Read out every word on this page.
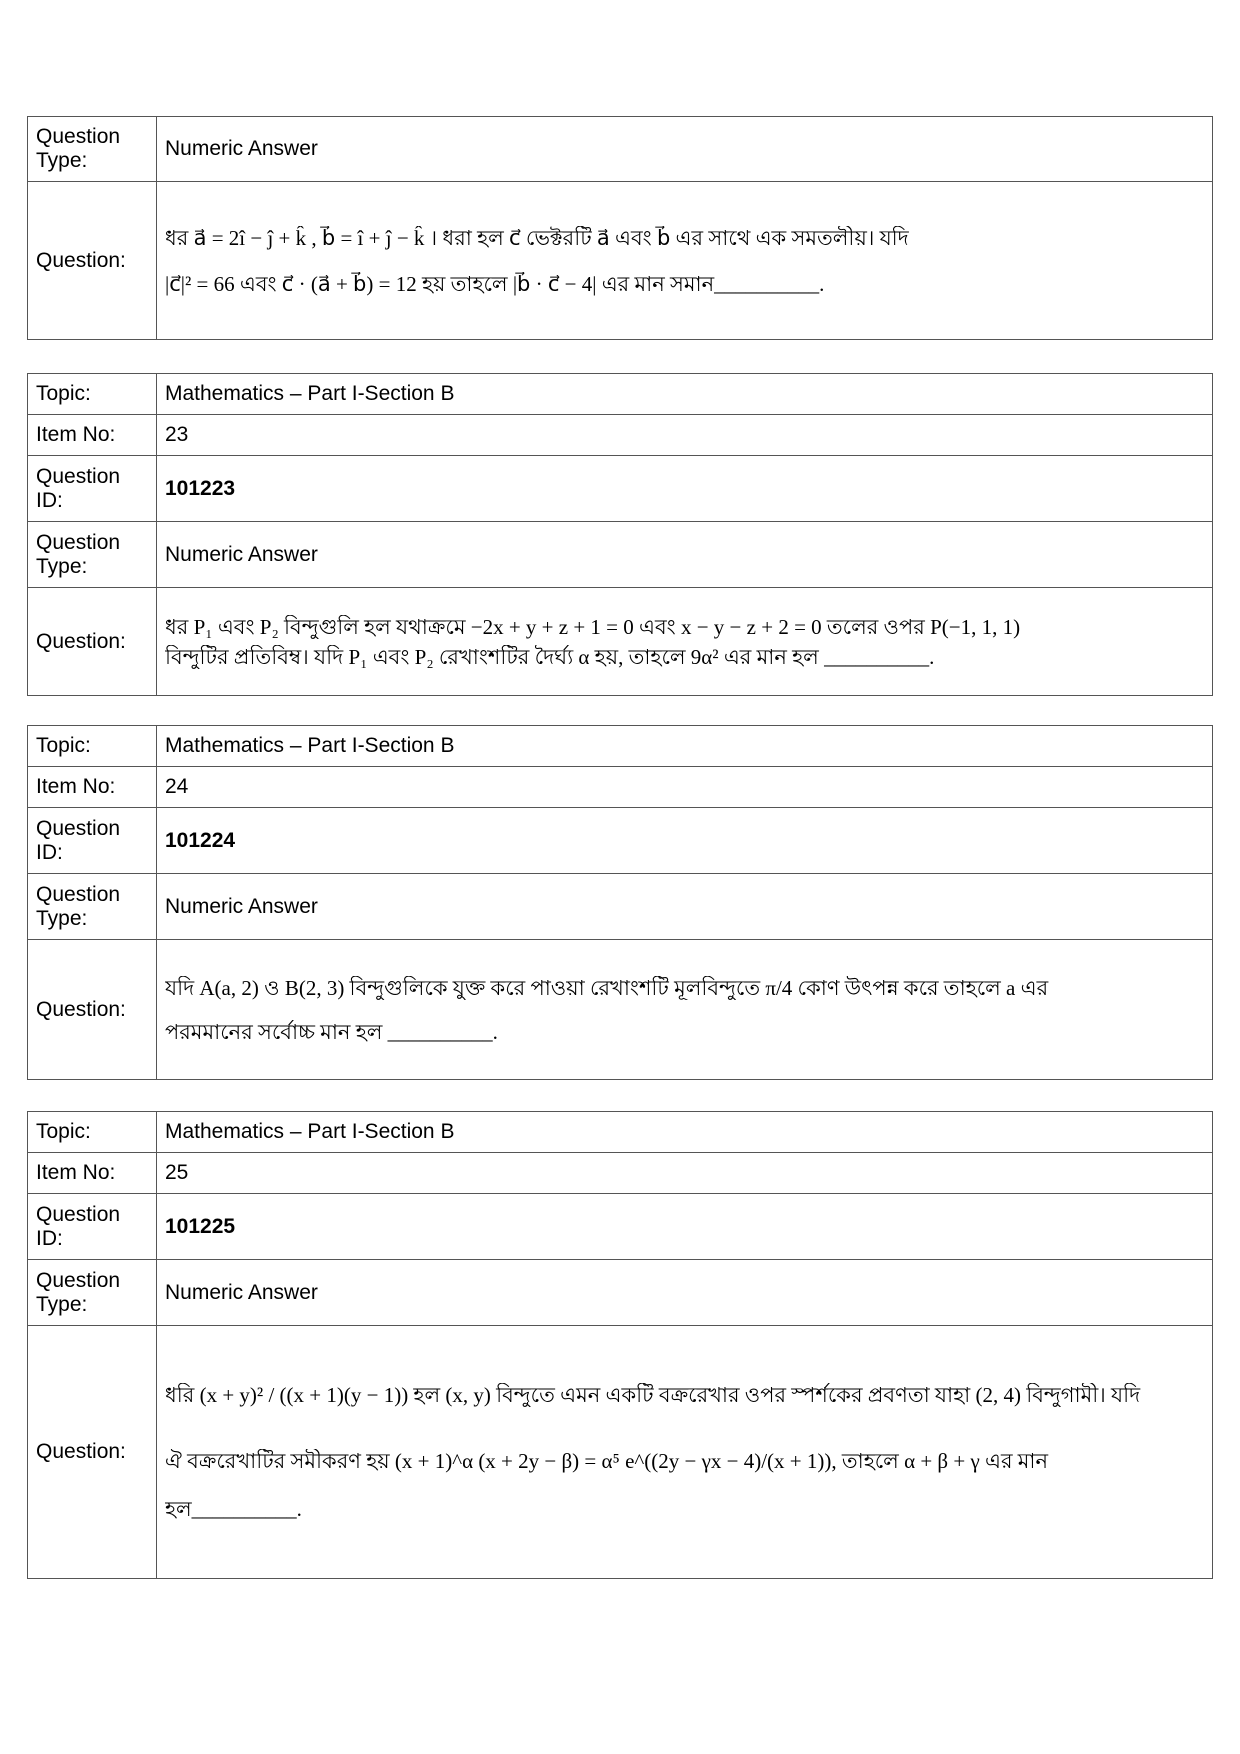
Question Type:	Numeric Answer
Question:	ধর a⃗ = 2î − ĵ + k̂ , b⃗ = î + ĵ − k̂ । ধরা হল c⃗ ভেক্টরটি a⃗ এবং b⃗ এর সাথে এক সমতলীয়। যদি
|c⃗|² = 66 এবং c⃗ · (a⃗ + b⃗) = 12 হয় তাহলে |b⃗ · c⃗ − 4| এর মান সমান__________.
Topic:	Mathematics – Part I-Section B
Item No:	23
Question ID:	101223
Question Type:	Numeric Answer
Question:	ধর P₁ এবং P₂ বিন্দুগুলি হল যথাক্রমে −2x + y + z + 1 = 0 এবং x − y − z + 2 = 0 তলের ওপর P(−1, 1, 1)
বিন্দুটির প্রতিবিম্ব। যদি P₁ এবং P₂ রেখাংশটির দৈর্ঘ্য α হয়, তাহলে 9α² এর মান হল __________.
Topic:	Mathematics – Part I-Section B
Item No:	24
Question ID:	101224
Question Type:	Numeric Answer
Question:	যদি A(a, 2) ও B(2, 3) বিন্দুগুলিকে যুক্ত করে পাওয়া রেখাংশটি মূলবিন্দুতে π/4 কোণ উৎপন্ন করে তাহলে a এর
পরমমানের সর্বোচ্চ মান হল __________.
Topic:	Mathematics – Part I-Section B
Item No:	25
Question ID:	101225
Question Type:	Numeric Answer
Question:	ধরি (x + y)² / ((x + 1)(y − 1)) হল (x, y) বিন্দুতে এমন একটি বক্ররেখার ওপর স্পর্শকের প্রবণতা যাহা (2, 4) বিন্দুগামী। যদি
ঐ বক্ররেখাটির সমীকরণ হয় (x + 1)^α (x + 2y − β) = α⁵ e^((2y − γx − 4)/(x + 1)), তাহলে α + β + γ এর মান
হল__________.
